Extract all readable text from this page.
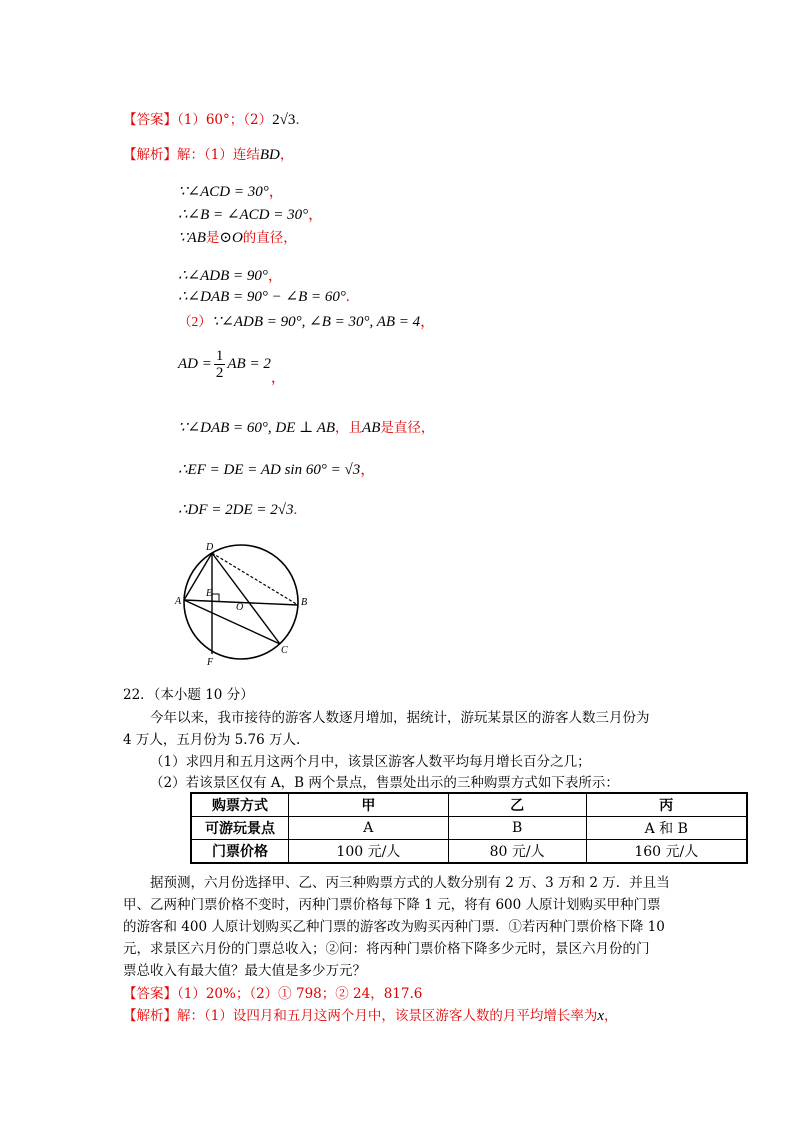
【答案】（1）60°；（2）2√3.
【解析】解：（1）连结BD，
∵∠ACD = 30°，
∴∠B = ∠ACD = 30°，
∵AB是⊙O的直径，
∴∠ADB = 90°，
∴∠DAB = 90° − ∠B = 60°.
（2）∵∠ADB = 90°, ∠B = 30°, AB = 4，
AD = $\frac{1}{2}$ AB = 2，
∵∠DAB = 60°, DE ⊥ AB，且AB是直径，
∴EF = DE = AD sin 60° = √3，
∴DF = 2DE = 2√3.
D
A
E
O	B
F
C
22．（本小题 10 分）
今年以来，我市接待的游客人数逐月增加，据统计，游玩某景区的游客人数三月份为
4 万人，五月份为 5.76 万人.
（1）求四月和五月这两个月中，该景区游客人数平均每月增长百分之几；
（2）若该景区仅有 A，B 两个景点，售票处出示的三种购票方式如下表所示：
购票方式	甲	乙	丙
可游玩景点	A	B	A 和 B
门票价格	100 元/人	80 元/人	160 元/人
据预测，六月份选择甲、乙、丙三种购票方式的人数分别有 2 万、3 万和 2 万．并且当
甲、乙两种门票价格不变时，丙种门票价格每下降 1 元，将有 600 人原计划购买甲种门票
的游客和 400 人原计划购买乙种门票的游客改为购买丙种门票．①若丙种门票价格下降 10
元，求景区六月份的门票总收入；②问：将丙种门票价格下降多少元时，景区六月份的门
票总收入有最大值？最大值是多少万元？
【答案】（1）20%；（2）① 798；② 24，817.6
【解析】解：（1）设四月和五月这两个月中，该景区游客人数的月平均增长率为x，
